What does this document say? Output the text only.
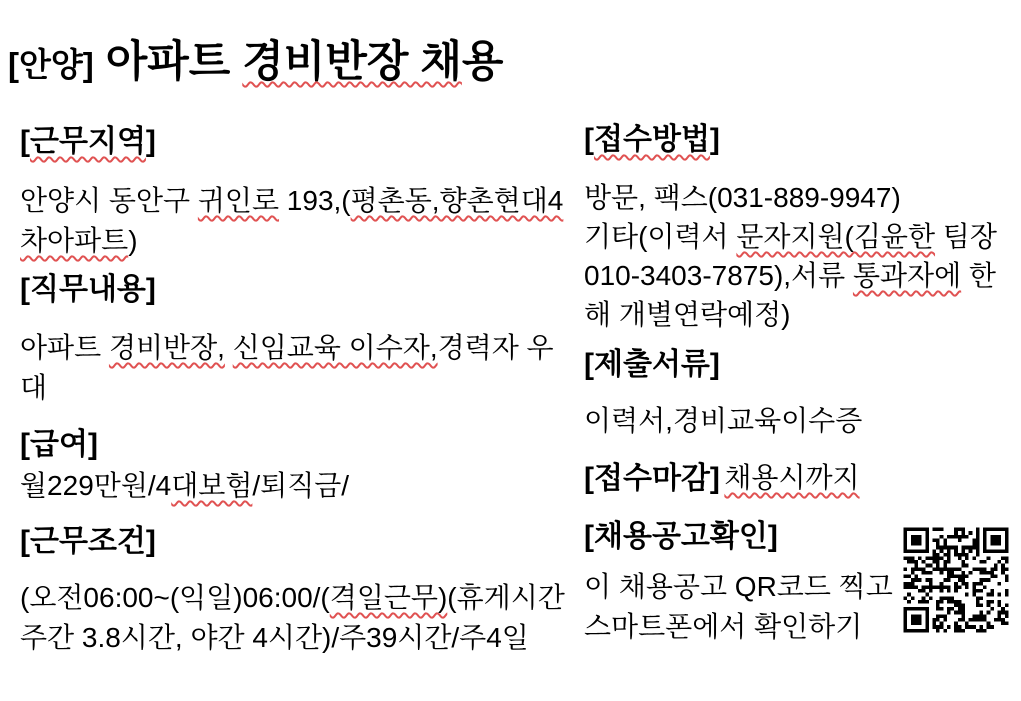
[안양] 아파트 경비반장 채용
[근무지역]
안양시 동안구 귀인로 193,(평촌동,향촌현대4차아파트)
[직무내용]
아파트 경비반장, 신임교육 이수자,경력자 우대
[급여]
월229만원/4대보험/퇴직금/
[근무조건]
(오전06:00~(익일)06:00/(격일근무)(휴게시간 주간 3.8시간, 야간 4시간)/주39시간/주4일
[접수방법]
방문, 팩스(031-889-9947)
기타(이력서 문자지원(김윤한 팀장 010-3403-7875),서류 통과자에 한해 개별연락예정)
[제출서류]
이력서,경비교육이수증
[접수마감] 채용시까지
[채용공고확인]
이 채용공고 QR코드 찍고 스마트폰에서 확인하기
